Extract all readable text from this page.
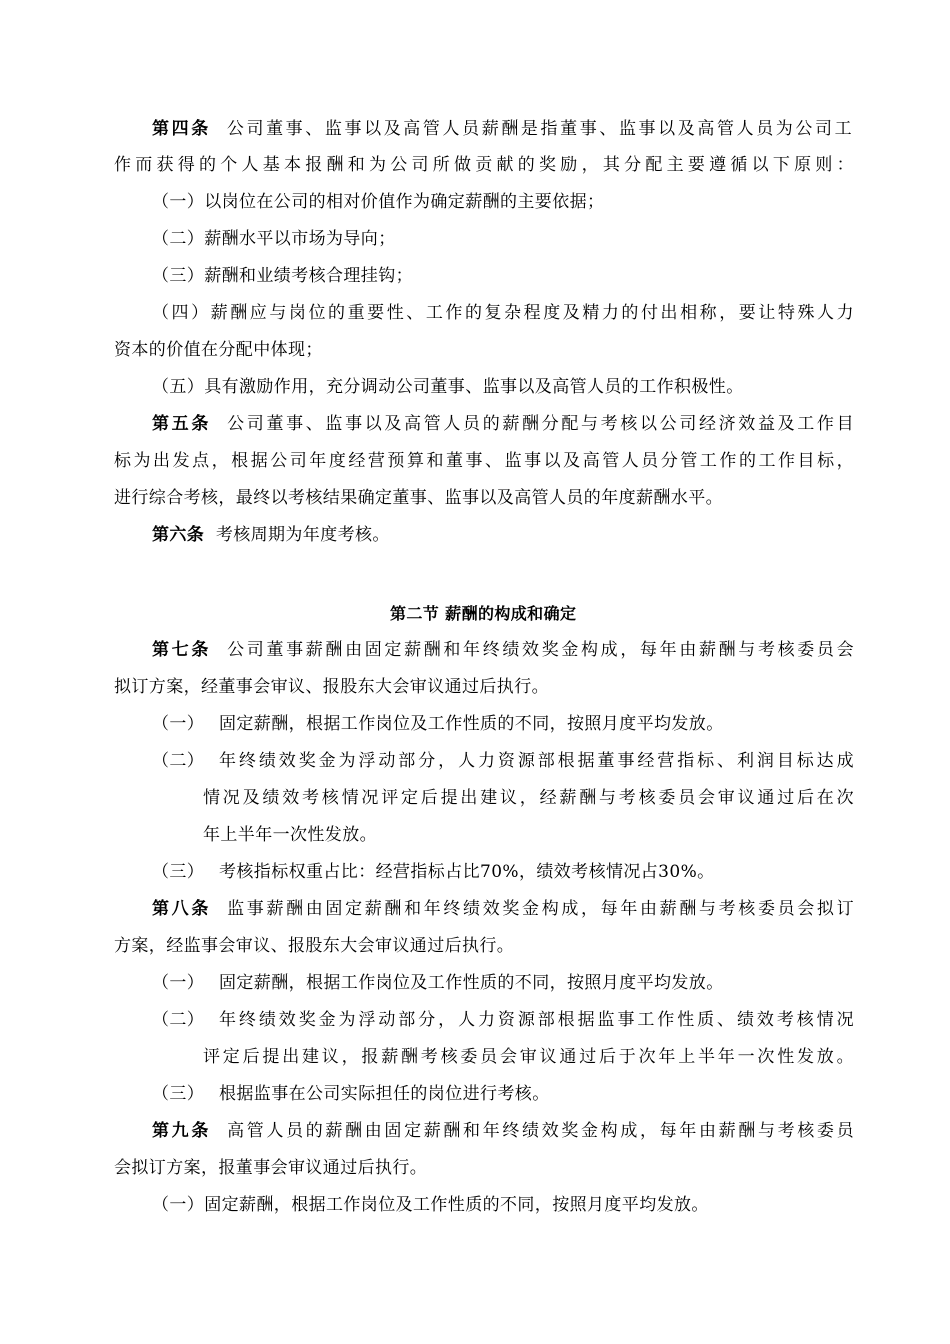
第四条 公司董事、监事以及高管人员薪酬是指董事、监事以及高管人员为公司工
作而获得的个人基本报酬和为公司所做贡献的奖励，其分配主要遵循以下原则：
（一）以岗位在公司的相对价值作为确定薪酬的主要依据；
（二）薪酬水平以市场为导向；
（三）薪酬和业绩考核合理挂钩；
（四）薪酬应与岗位的重要性、工作的复杂程度及精力的付出相称，要让特殊人力
资本的价值在分配中体现；
（五）具有激励作用，充分调动公司董事、监事以及高管人员的工作积极性。
第五条 公司董事、监事以及高管人员的薪酬分配与考核以公司经济效益及工作目
标为出发点，根据公司年度经营预算和董事、监事以及高管人员分管工作的工作目标，
进行综合考核，最终以考核结果确定董事、监事以及高管人员的年度薪酬水平。
第六条 考核周期为年度考核。
第二节 薪酬的构成和确定
第七条 公司董事薪酬由固定薪酬和年终绩效奖金构成，每年由薪酬与考核委员会
拟订方案，经董事会审议、报股东大会审议通过后执行。
（一） 固定薪酬，根据工作岗位及工作性质的不同，按照月度平均发放。
（二） 年终绩效奖金为浮动部分，人力资源部根据董事经营指标、利润目标达成
情况及绩效考核情况评定后提出建议，经薪酬与考核委员会审议通过后在次
年上半年一次性发放。
（三） 考核指标权重占比：经营指标占比70%，绩效考核情况占30%。
第八条 监事薪酬由固定薪酬和年终绩效奖金构成，每年由薪酬与考核委员会拟订
方案，经监事会审议、报股东大会审议通过后执行。
（一） 固定薪酬，根据工作岗位及工作性质的不同，按照月度平均发放。
（二） 年终绩效奖金为浮动部分，人力资源部根据监事工作性质、绩效考核情况
评定后提出建议，报薪酬考核委员会审议通过后于次年上半年一次性发放。
（三） 根据监事在公司实际担任的岗位进行考核。
第九条 高管人员的薪酬由固定薪酬和年终绩效奖金构成，每年由薪酬与考核委员
会拟订方案，报董事会审议通过后执行。
（一）固定薪酬，根据工作岗位及工作性质的不同，按照月度平均发放。
